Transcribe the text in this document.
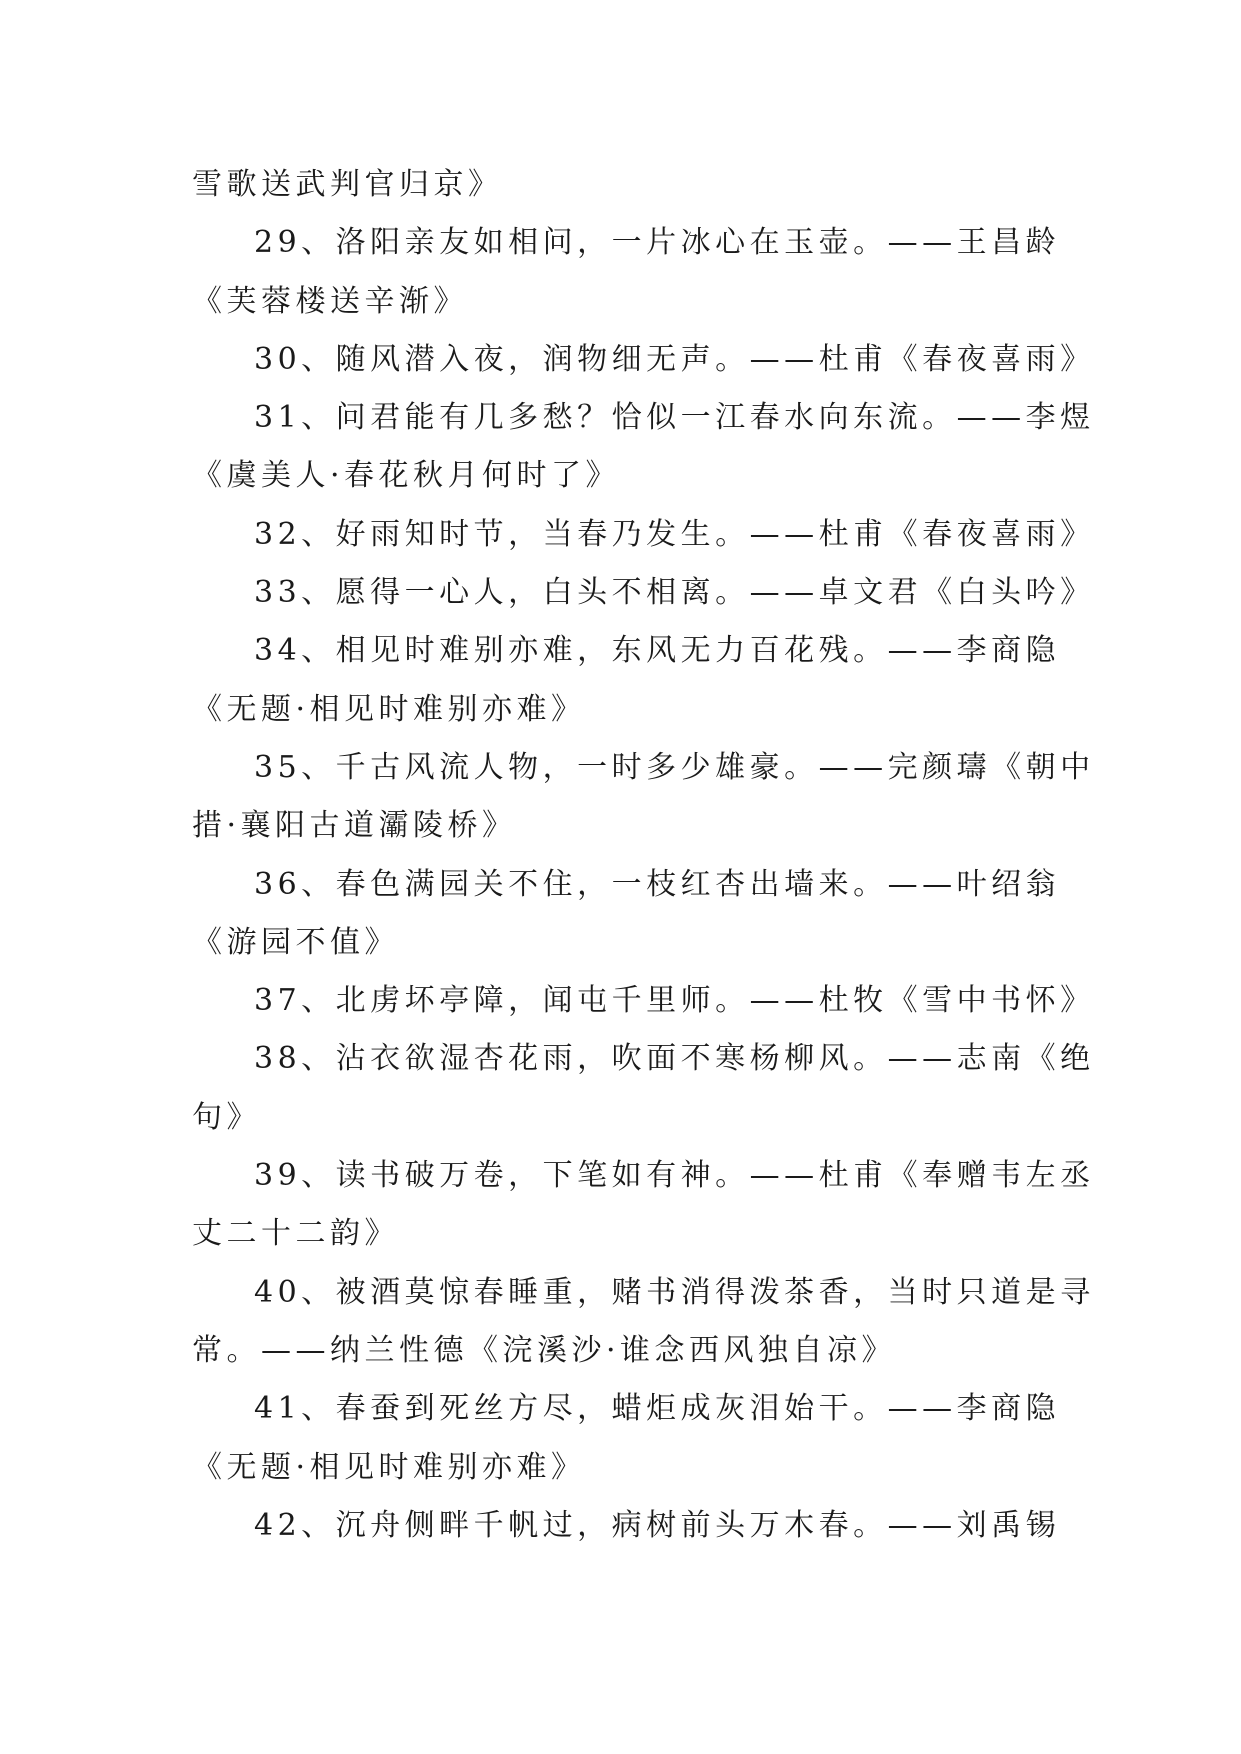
雪歌送武判官归京》
29、洛阳亲友如相问，一片冰心在玉壶。——王昌龄
《芙蓉楼送辛渐》
30、随风潜入夜，润物细无声。——杜甫《春夜喜雨》
31、问君能有几多愁？恰似一江春水向东流。——李煜
《虞美人·春花秋月何时了》
32、好雨知时节，当春乃发生。——杜甫《春夜喜雨》
33、愿得一心人，白头不相离。——卓文君《白头吟》
34、相见时难别亦难，东风无力百花残。——李商隐
《无题·相见时难别亦难》
35、千古风流人物，一时多少雄豪。——完颜璹《朝中
措·襄阳古道灞陵桥》
36、春色满园关不住，一枝红杏出墙来。——叶绍翁
《游园不值》
37、北虏坏亭障，闻屯千里师。——杜牧《雪中书怀》
38、沾衣欲湿杏花雨，吹面不寒杨柳风。——志南《绝
句》
39、读书破万卷，下笔如有神。——杜甫《奉赠韦左丞
丈二十二韵》
40、被酒莫惊春睡重，赌书消得泼茶香，当时只道是寻
常。——纳兰性德《浣溪沙·谁念西风独自凉》
41、春蚕到死丝方尽，蜡炬成灰泪始干。——李商隐
《无题·相见时难别亦难》
42、沉舟侧畔千帆过，病树前头万木春。——刘禹锡
